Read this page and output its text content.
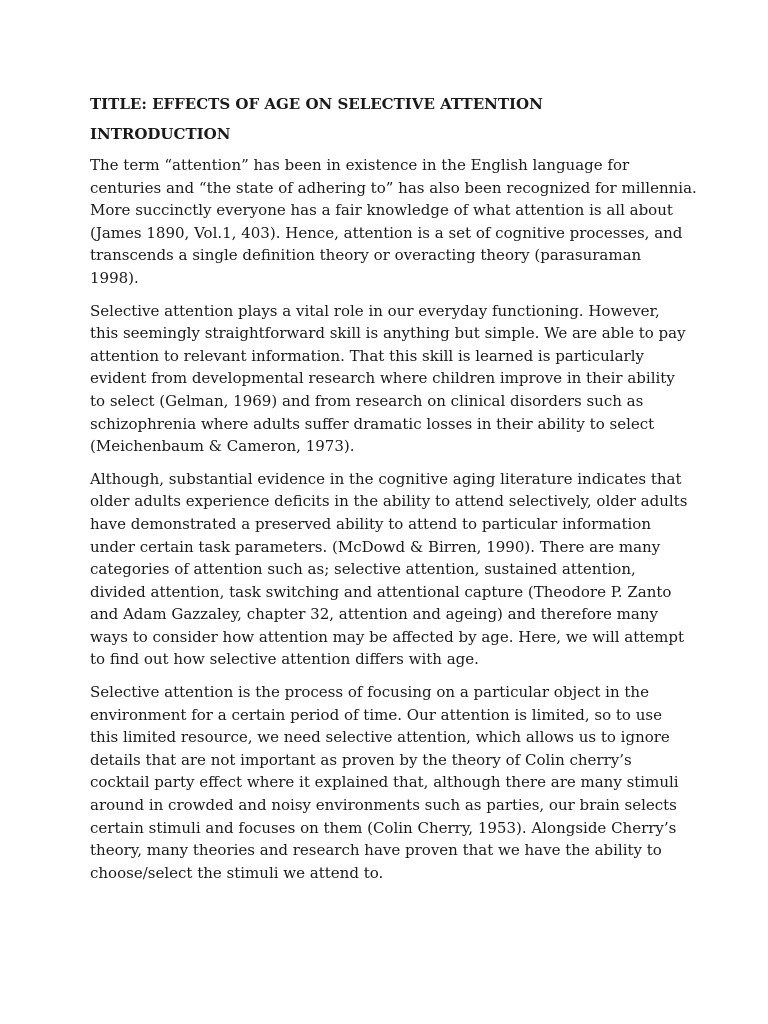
TITLE: EFFECTS OF AGE ON SELECTIVE ATTENTION
INTRODUCTION
The term “attention” has been in existence in the English language for
centuries and “the state of adhering to” has also been recognized for millennia.
More succinctly everyone has a fair knowledge of what attention is all about
(James 1890, Vol.1, 403). Hence, attention is a set of cognitive processes, and
transcends a single definition theory or overacting theory (parasuraman
1998).
Selective attention plays a vital role in our everyday functioning. However,
this seemingly straightforward skill is anything but simple. We are able to pay
attention to relevant information. That this skill is learned is particularly
evident from developmental research where children improve in their ability
to select (Gelman, 1969) and from research on clinical disorders such as
schizophrenia where adults suffer dramatic losses in their ability to select
(Meichenbaum & Cameron, 1973).
Although, substantial evidence in the cognitive aging literature indicates that
older adults experience deficits in the ability to attend selectively, older adults
have demonstrated a preserved ability to attend to particular information
under certain task parameters. (McDowd & Birren, 1990). There are many
categories of attention such as; selective attention, sustained attention,
divided attention, task switching and attentional capture (Theodore P. Zanto
and Adam Gazzaley, chapter 32, attention and ageing) and therefore many
ways to consider how attention may be affected by age. Here, we will attempt
to find out how selective attention differs with age.
Selective attention is the process of focusing on a particular object in the
environment for a certain period of time. Our attention is limited, so to use
this limited resource, we need selective attention, which allows us to ignore
details that are not important as proven by the theory of Colin cherry’s
cocktail party effect where it explained that, although there are many stimuli
around in crowded and noisy environments such as parties, our brain selects
certain stimuli and focuses on them (Colin Cherry, 1953). Alongside Cherry’s
theory, many theories and research have proven that we have the ability to
choose/select the stimuli we attend to.
